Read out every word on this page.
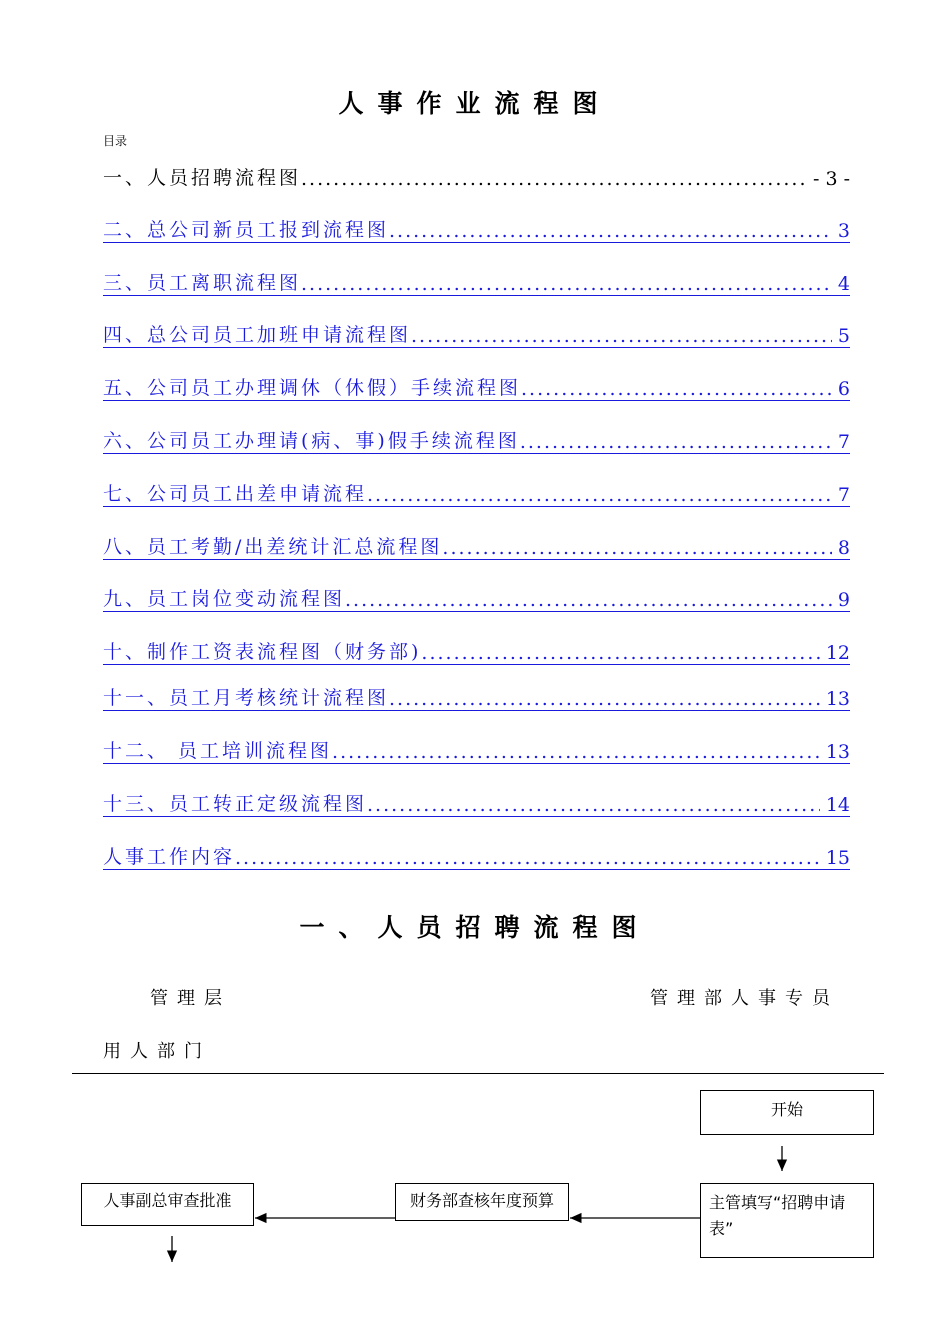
人事作业流程图
目录
一、人员招聘流程图 .....	- 3 -
二、总公司新员工报到流程图 .....	3
三、员工离职流程图 .....	4
四、总公司员工加班申请流程图 .....	5
五、公司员工办理调休（休假）手续流程图 .....	6
六、公司员工办理请(病、事)假手续流程图 .....	7
七、公司员工出差申请流程 .....	7
八、员工考勤/出差统计汇总流程图 .....	8
九、员工岗位变动流程图 .....	9
十、制作工资表流程图（财务部) .....	12
十一、员工月考核统计流程图 .....	13
十二、 员工培训流程图 .....	13
十三、员工转正定级流程图 .....	14
人事工作内容 .....	15
一、人员招聘流程图
管理层	管理部人事专员
用人部门
开始
主管填写“招聘申请表”
财务部查核年度预算
人事副总审查批准
